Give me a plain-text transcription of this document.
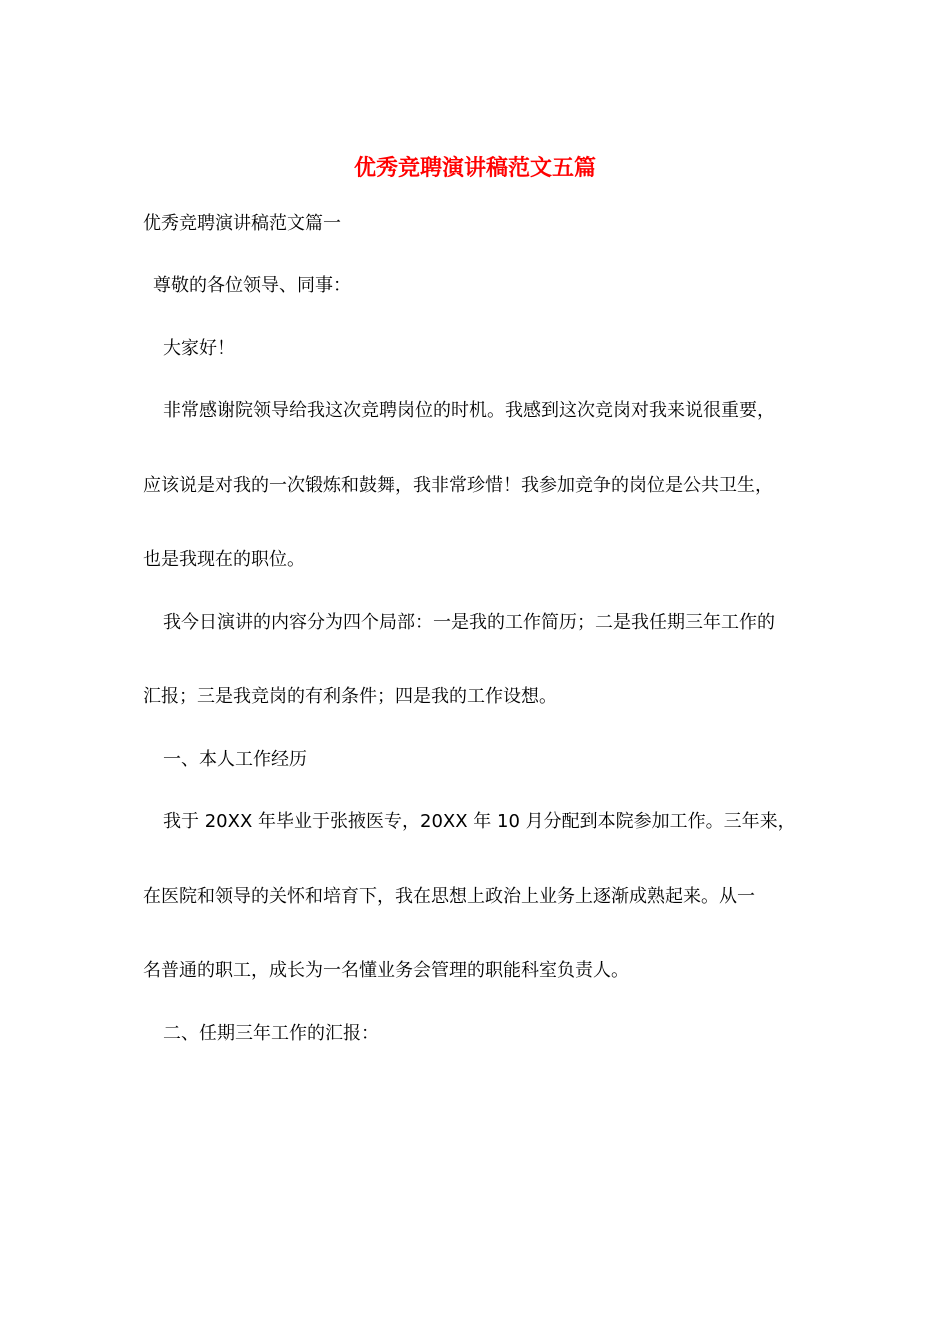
优秀竞聘演讲稿范文五篇

优秀竞聘演讲稿范文篇一

尊敬的各位领导、同事：

大家好！

非常感谢院领导给我这次竞聘岗位的时机。我感到这次竞岗对我来说很重要，

应该说是对我的一次锻炼和鼓舞，我非常珍惜！我参加竞争的岗位是公共卫生，

也是我现在的职位。

我今日演讲的内容分为四个局部：一是我的工作简历；二是我任期三年工作的

汇报；三是我竞岗的有利条件；四是我的工作设想。

一、本人工作经历

我于 20XX 年毕业于张掖医专，20XX 年 10 月分配到本院参加工作。三年来，

在医院和领导的关怀和培育下，我在思想上政治上业务上逐渐成熟起来。从一

名普通的职工，成长为一名懂业务会管理的职能科室负责人。

二、任期三年工作的汇报：
